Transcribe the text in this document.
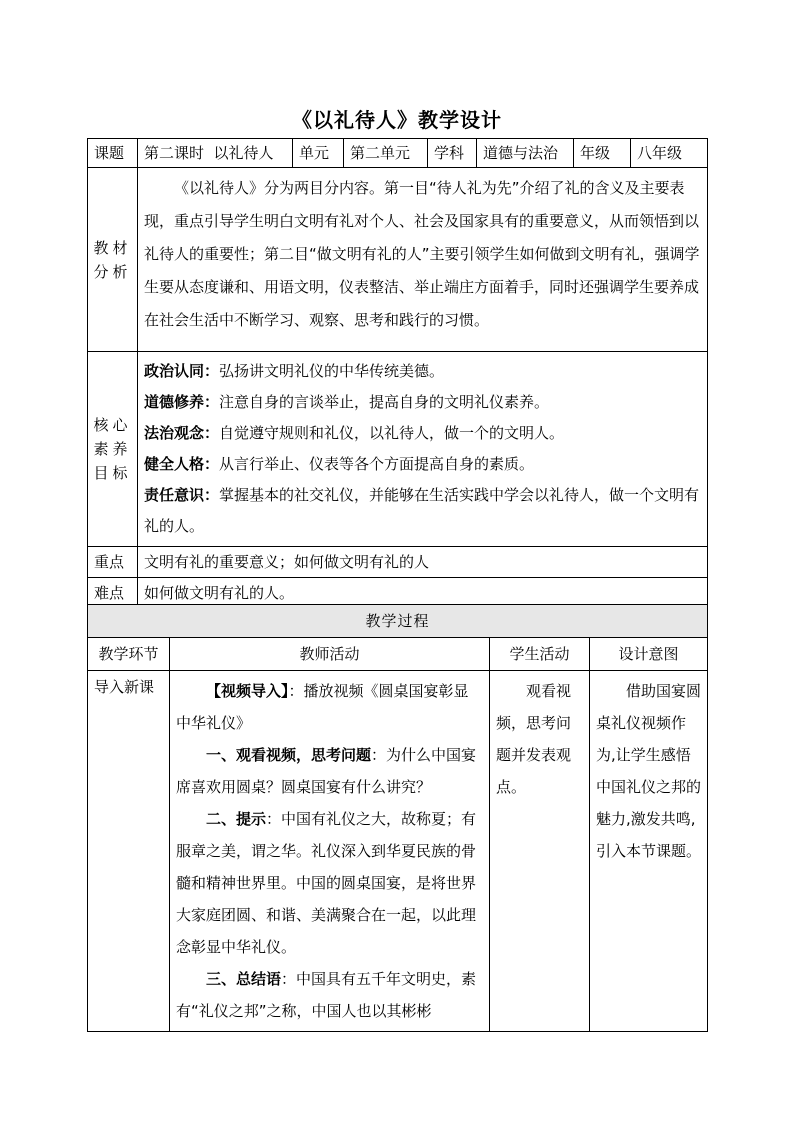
《以礼待人》教学设计
课题	第二课时  以礼待人	单元	第二单元	学科	道德与法治	年级	八年级
教材分析	《以礼待人》分为两目分内容。第一目“待人礼为先”介绍了礼的含义及主要表现，重点引导学生明白文明有礼对个人、社会及国家具有的重要意义，从而领悟到以礼待人的重要性；第二目“做文明有礼的人”主要引领学生如何做到文明有礼，强调学生要从态度谦和、用语文明，仪表整洁、举止端庄方面着手，同时还强调学生要养成在社会生活中不断学习、观察、思考和践行的习惯。						
核心素养目标	政治认同：弘扬讲文明礼仪的中华传统美德。
道德修养：注意自身的言谈举止，提高自身的文明礼仪素养。
法治观念：自觉遵守规则和礼仪，以礼待人，做一个的文明人。
健全人格：从言行举止、仪表等各个方面提高自身的素质。
责任意识：掌握基本的社交礼仪，并能够在生活实践中学会以礼待人，做一个文明有礼的人。						

重点	文明有礼的重要意义；如何做文明有礼的人						
难点	如何做文明有礼的人。						
教学过程			
教学环节	教师活动	学生活动	设计意图
导入新课	【视频导入】：播放视频《圆桌国宴彰显中华礼仪》
一、观看视频，思考问题：为什么中国宴席喜欢用圆桌？圆桌国宴有什么讲究？
二、提示：中国有礼仪之大，故称夏；有服章之美，谓之华。礼仪深入到华夏民族的骨髓和精神世界里。中国的圆桌国宴，是将世界大家庭团圆、和谐、美满聚合在一起，以此理念彰显中华礼仪。
三、总结语：中国具有五千年文明史，素有“礼仪之邦”之称，中国人也以其彬彬	观看视频，思考问题并发表观点。	借助国宴圆桌礼仪视频作为,让学生感悟中国礼仪之邦的魅力,激发共鸣,引入本节课题。
